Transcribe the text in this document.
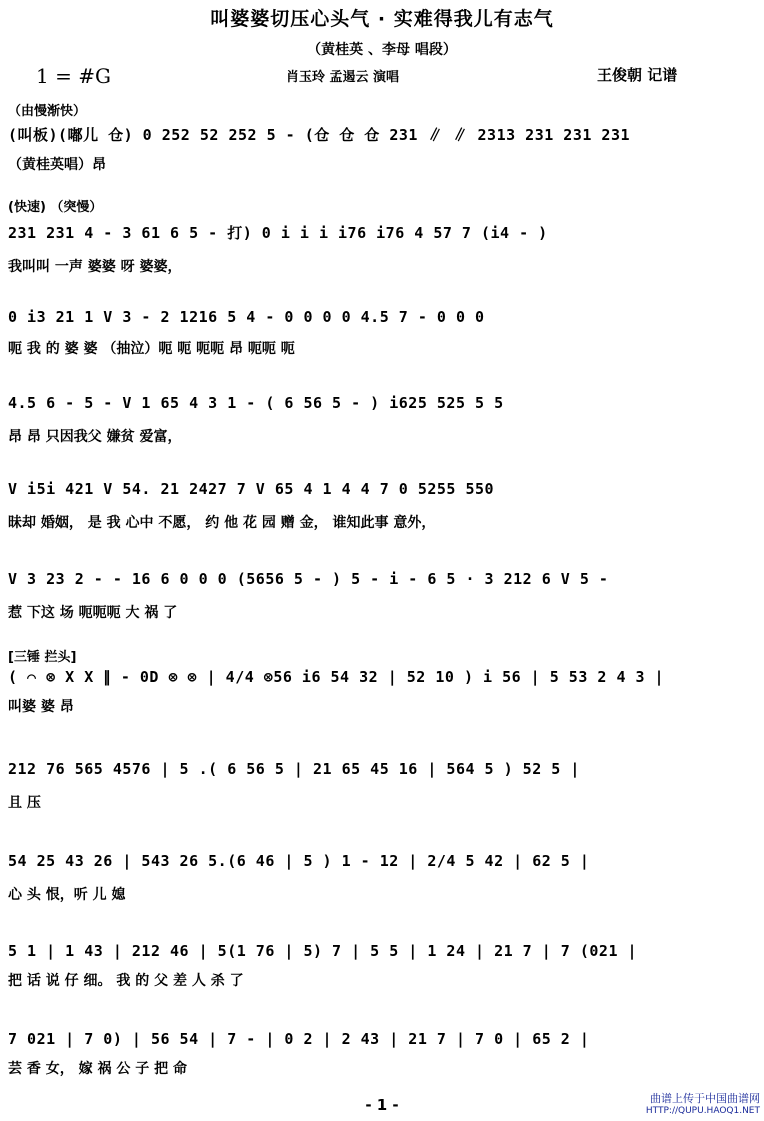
叫婆婆切压心头气 · 实难得我儿有志气
（黄桂英 、李母 唱段）
1 = #G	肖玉玲 孟遏云 演唱	王俊朝 记谱
（由慢渐快）
(叫板)(嘟儿 仓) 0 252 52 252 5 - (仓 仓 仓 231 ∥ ∥ 2313 231 231 231
（黄桂英唱）昂
(快速) （突慢）
231 231 4 - 3 61 6 5 - 打) 0 i i i i76 i76 4 57 7 (i4 - )
我叫叫 一声 婆婆 呀 婆婆，
0 i3 21 1 V 3 - 2 1216 5 4 - 0 0 0 0 4.5 7 - 0 0 0
呃 我 的 婆 婆 （抽泣）呃 呃 呃呃 昂 呃呃 呃
4.5 6 - 5 - V 1 65 4 3 1 - ( 6 56 5 - ) i625 525 5 5
昂 昂 只因我父 嫌贫 爱富，
V i5i 421 V 54. 21 2427 7 V 65 4 1 4 4 7 0 5255 550
昧却 婚姻， 是 我 心中 不愿， 约 他 花 园 赠 金， 谁知此事 意外，
V 3 23 2 - - 16 6 0 0 0 (5656 5 - ) 5 - i - 6 5 · 3 212 6 V 5 -
惹 下这 场 呃呃呃 大 祸 了
[三锤 拦头]
( ⌒ ⊗ X X ∥ - 0D ⊗ ⊗ | 4/4 ⊗56 i6 54 32 | 52 10 ) i 56 | 5 53 2 4 3 |
叫婆 婆 昂
212 76 565 4576 | 5 .( 6 56 5 | 21 65 45 16 | 564 5 ) 52 5 |
且 压
54 25 43 26 | 543 26 5.(6 46 | 5 ) 1 - 12 | 2/4 5 42 | 62 5 |
心 头 恨，听 儿 媳
5 1 | 1 43 | 212 46 | 5(1 76 | 5) 7 | 5 5 | 1 24 | 21 7 | 7 (021 |
把 话 说 仔 细。 我 的 父 差 人 杀 了
7 021 | 7 0) | 56 54 | 7 - | 0 2 | 2 43 | 21 7 | 7 0 | 65 2 |
芸 香 女， 嫁 祸 公 子 把 命
- 1 -	曲谱上传于中国曲谱网
HTTP://QUPU.HAOQ1.NET
